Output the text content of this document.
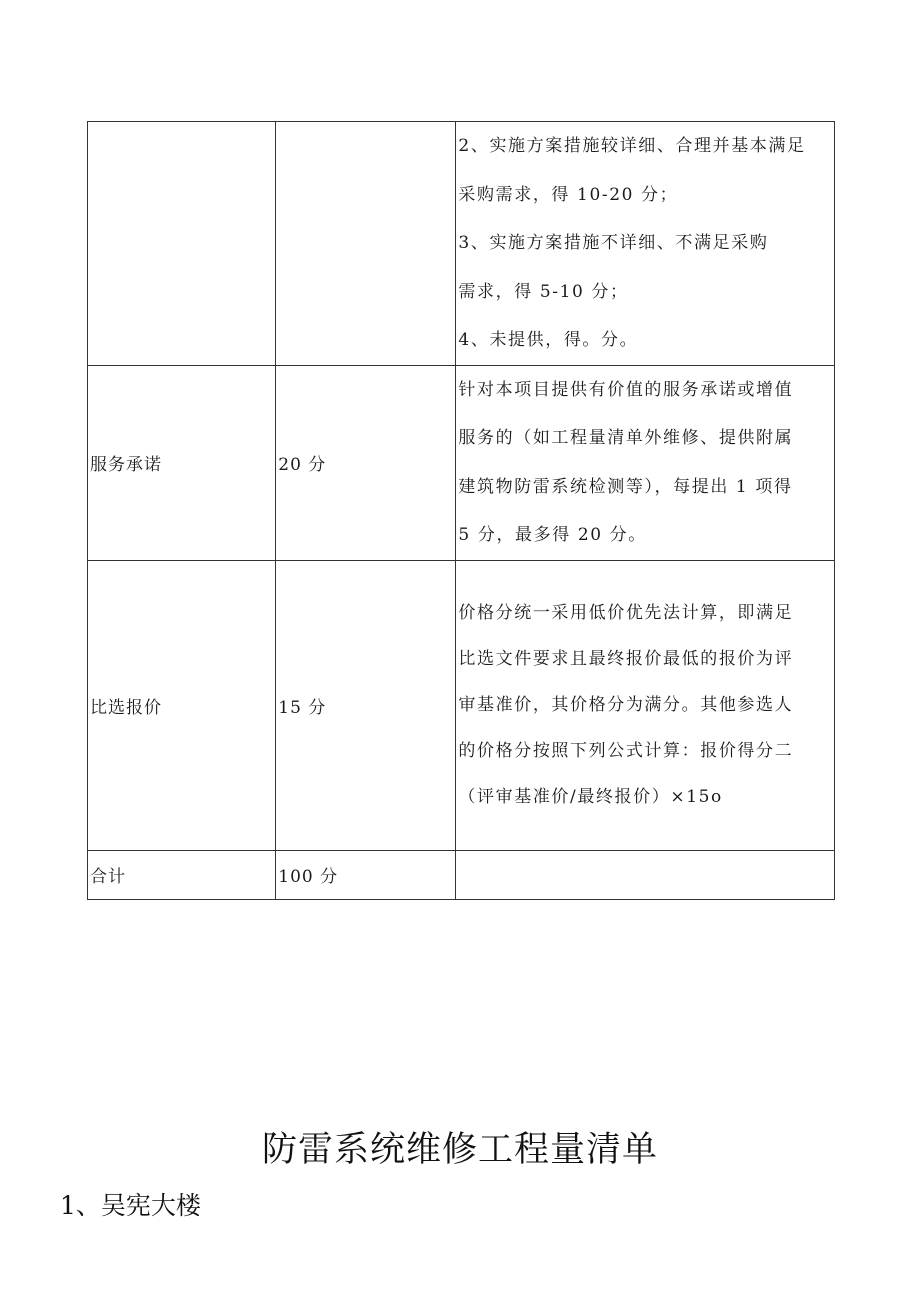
		2、实施方案措施较详细、合理并基本满足
采购需求，得 10-20 分；
3、实施方案措施不详细、不满足采购
需求，得 5-10 分；
4、未提供，得。分。

服务承诺	20 分	针对本项目提供有价值的服务承诺或增值
服务的（如工程量清单外维修、提供附属
建筑物防雷系统检测等），每提出 1 项得
5 分，最多得 20 分。

比选报价	15 分	价格分统一采用低价优先法计算，即满足
比选文件要求且最终报价最低的报价为评
审基准价，其价格分为满分。其他参选人
的价格分按照下列公式计算：报价得分二
（评审基准价/最终报价）×15o

合计	100 分	
防雷系统维修工程量清单
1、吴宪大楼
